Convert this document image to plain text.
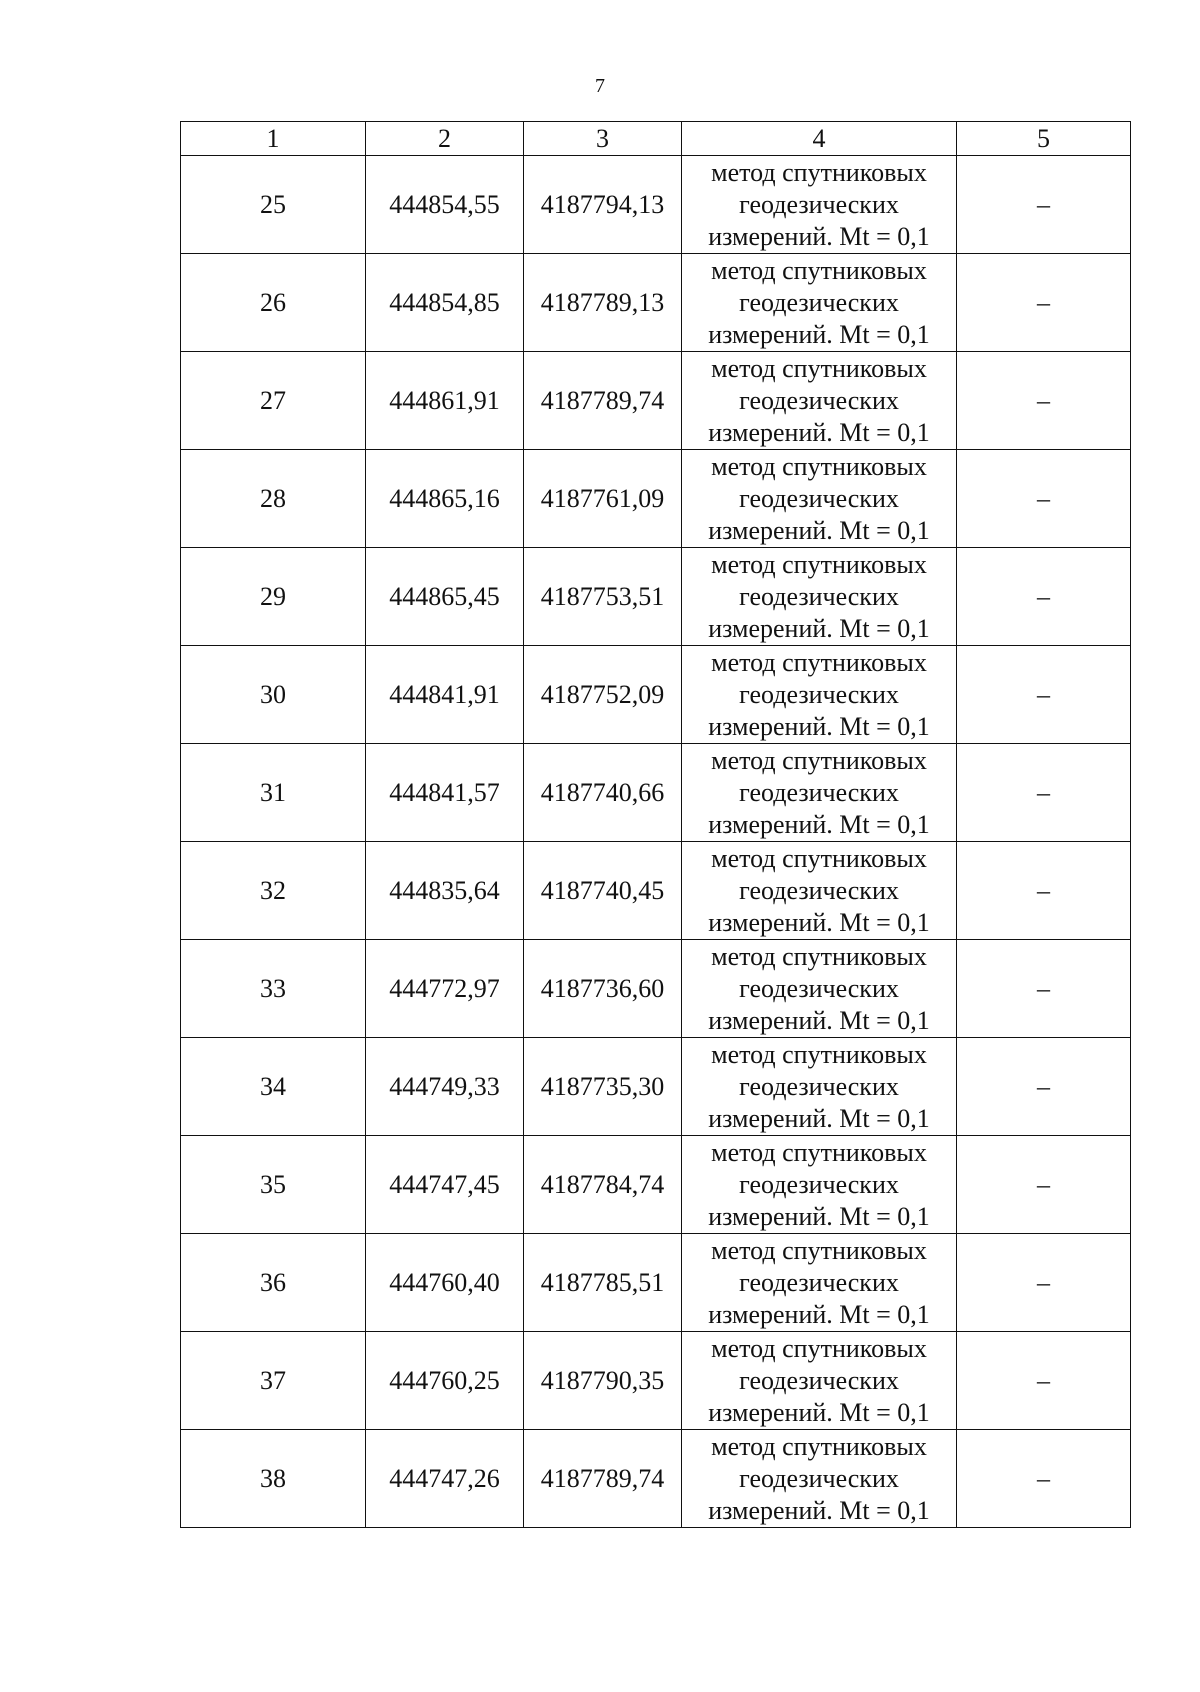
7
1	2	3	4	5
25	444854,55	4187794,13	метод спутниковых
геодезических
измерений. Mt = 0,1	–
26	444854,85	4187789,13	метод спутниковых
геодезических
измерений. Mt = 0,1	–
27	444861,91	4187789,74	метод спутниковых
геодезических
измерений. Mt = 0,1	–
28	444865,16	4187761,09	метод спутниковых
геодезических
измерений. Mt = 0,1	–
29	444865,45	4187753,51	метод спутниковых
геодезических
измерений. Mt = 0,1	–
30	444841,91	4187752,09	метод спутниковых
геодезических
измерений. Mt = 0,1	–
31	444841,57	4187740,66	метод спутниковых
геодезических
измерений. Mt = 0,1	–
32	444835,64	4187740,45	метод спутниковых
геодезических
измерений. Mt = 0,1	–
33	444772,97	4187736,60	метод спутниковых
геодезических
измерений. Mt = 0,1	–
34	444749,33	4187735,30	метод спутниковых
геодезических
измерений. Mt = 0,1	–
35	444747,45	4187784,74	метод спутниковых
геодезических
измерений. Mt = 0,1	–
36	444760,40	4187785,51	метод спутниковых
геодезических
измерений. Mt = 0,1	–
37	444760,25	4187790,35	метод спутниковых
геодезических
измерений. Mt = 0,1	–
38	444747,26	4187789,74	метод спутниковых
геодезических
измерений. Mt = 0,1	–
